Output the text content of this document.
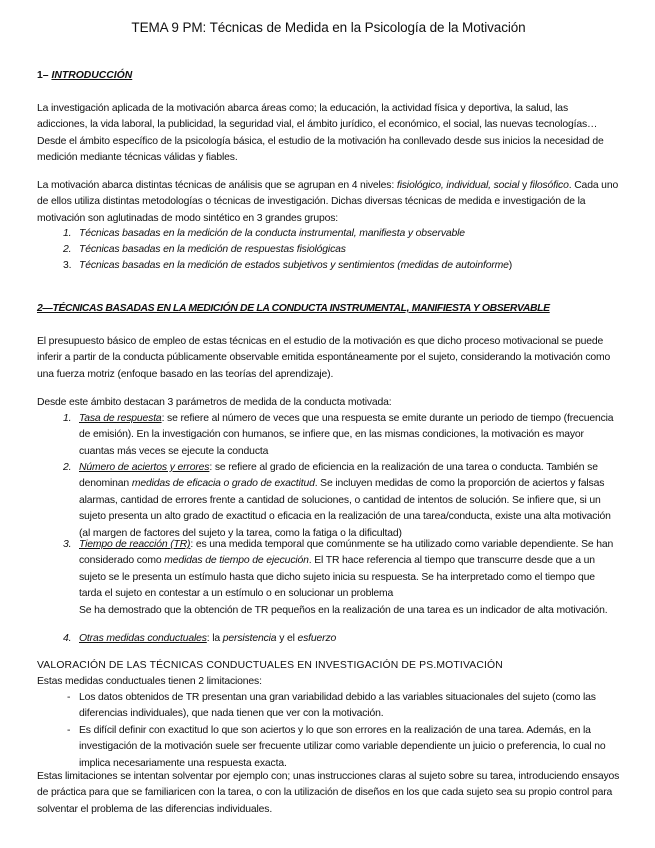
TEMA 9 PM: Técnicas de Medida en la Psicología de la Motivación
1– INTRODUCCIÓN
La investigación aplicada de la motivación abarca áreas como; la educación, la actividad física y deportiva, la salud, las adicciones, la vida laboral, la publicidad, la seguridad vial, el ámbito jurídico, el económico, el social, las nuevas tecnologías… Desde el ámbito específico de la psicología básica, el estudio de la motivación ha conllevado desde sus inicios la necesidad de medición mediante técnicas válidas y fiables.
La motivación abarca distintas técnicas de análisis que se agrupan en 4 niveles: fisiológico, individual, social y filosófico. Cada uno de ellos utiliza distintas metodologías o técnicas de investigación. Dichas diversas técnicas de medida e investigación de la motivación son aglutinadas de modo sintético en 3 grandes grupos:
1. Técnicas basadas en la medición de la conducta instrumental, manifiesta y observable
2. Técnicas basadas en la medición de respuestas fisiológicas
3. Técnicas basadas en la medición de estados subjetivos y sentimientos (medidas de autoinforme)
2—TÉCNICAS BASADAS EN LA MEDICIÓN DE LA CONDUCTA INSTRUMENTAL, MANIFIESTA Y OBSERVABLE
El presupuesto básico de empleo de estas técnicas en el estudio de la motivación es que dicho proceso motivacional se puede inferir a partir de la conducta públicamente observable emitida espontáneamente por el sujeto, considerando la motivación como una fuerza motriz (enfoque basado en las teorías del aprendizaje).
Desde este ámbito destacan 3 parámetros de medida de la conducta motivada:
1. Tasa de respuesta: se refiere al número de veces que una respuesta se emite durante un periodo de tiempo (frecuencia de emisión). En la investigación con humanos, se infiere que, en las mismas condiciones, la motivación es mayor cuantas más veces se ejecute la conducta
2. Número de aciertos y errores: se refiere al grado de eficiencia en la realización de una tarea o conducta. También se denominan medidas de eficacia o grado de exactitud. Se incluyen medidas de como la proporción de aciertos y falsas alarmas, cantidad de errores frente a cantidad de soluciones, o cantidad de intentos de solución. Se infiere que, si un sujeto presenta un alto grado de exactitud o eficacia en la realización de una tarea/conducta, existe una alta motivación (al margen de factores del sujeto y la tarea, como la fatiga o la dificultad)
3. Tiempo de reacción (TR): es una medida temporal que comúnmente se ha utilizado como variable dependiente. Se han considerado como medidas de tiempo de ejecución. El TR hace referencia al tiempo que transcurre desde que a un sujeto se le presenta un estímulo hasta que dicho sujeto inicia su respuesta. Se ha interpretado como el tiempo que tarda el sujeto en contestar a un estímulo o en solucionar un problema
Se ha demostrado que la obtención de TR pequeños en la realización de una tarea es un indicador de alta motivación.
4. Otras medidas conductuales: la persistencia y el esfuerzo
VALORACIÓN DE LAS TÉCNICAS CONDUCTUALES EN INVESTIGACIÓN DE PS.MOTIVACIÓN
Estas medidas conductuales tienen 2 limitaciones:
- Los datos obtenidos de TR presentan una gran variabilidad debido a las variables situacionales del sujeto (como las diferencias individuales), que nada tienen que ver con la motivación.
- Es difícil definir con exactitud lo que son aciertos y lo que son errores en la realización de una tarea. Además, en la investigación de la motivación suele ser frecuente utilizar como variable dependiente un juicio o preferencia, lo cual no implica necesariamente una respuesta exacta.
Estas limitaciones se intentan solventar por ejemplo con; unas instrucciones claras al sujeto sobre su tarea, introduciendo ensayos de práctica para que se familiaricen con la tarea, o con la utilización de diseños en los que cada sujeto sea su propio control para solventar el problema de las diferencias individuales.
